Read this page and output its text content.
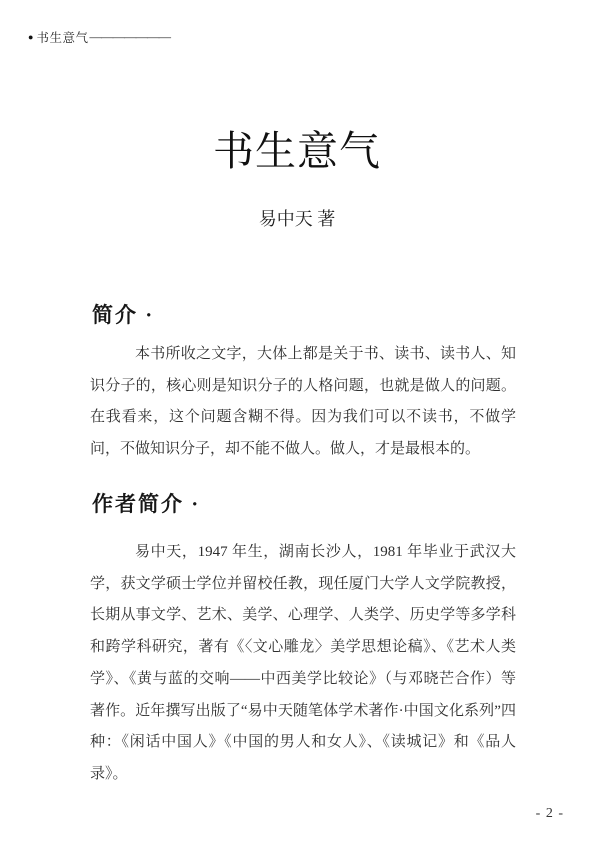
● 书生意气 ———————
书生意气
易中天 著
简介 ·

本书所收之文字，大体上都是关于书、读书、读书人、知识分子的，核心则是知识分子的人格问题，也就是做人的问题。在我看来，这个问题含糊不得。因为我们可以不读书，不做学问，不做知识分子，却不能不做人。做人，才是最根本的。

作者简介 ·

易中天，1947 年生，湖南长沙人，1981 年毕业于武汉大学，获文学硕士学位并留校任教，现任厦门大学人文学院教授，长期从事文学、艺术、美学、心理学、人类学、历史学等多学科和跨学科研究，著有《〈文心雕龙〉美学思想论稿》、《艺术人类学》、《黄与蓝的交响——中西美学比较论》（与邓晓芒合作）等著作。近年撰写出版了“易中天随笔体学术著作·中国文化系列”四种：《闲话中国人》《中国的男人和女人》、《读城记》和《品人录》。

- 2 -
